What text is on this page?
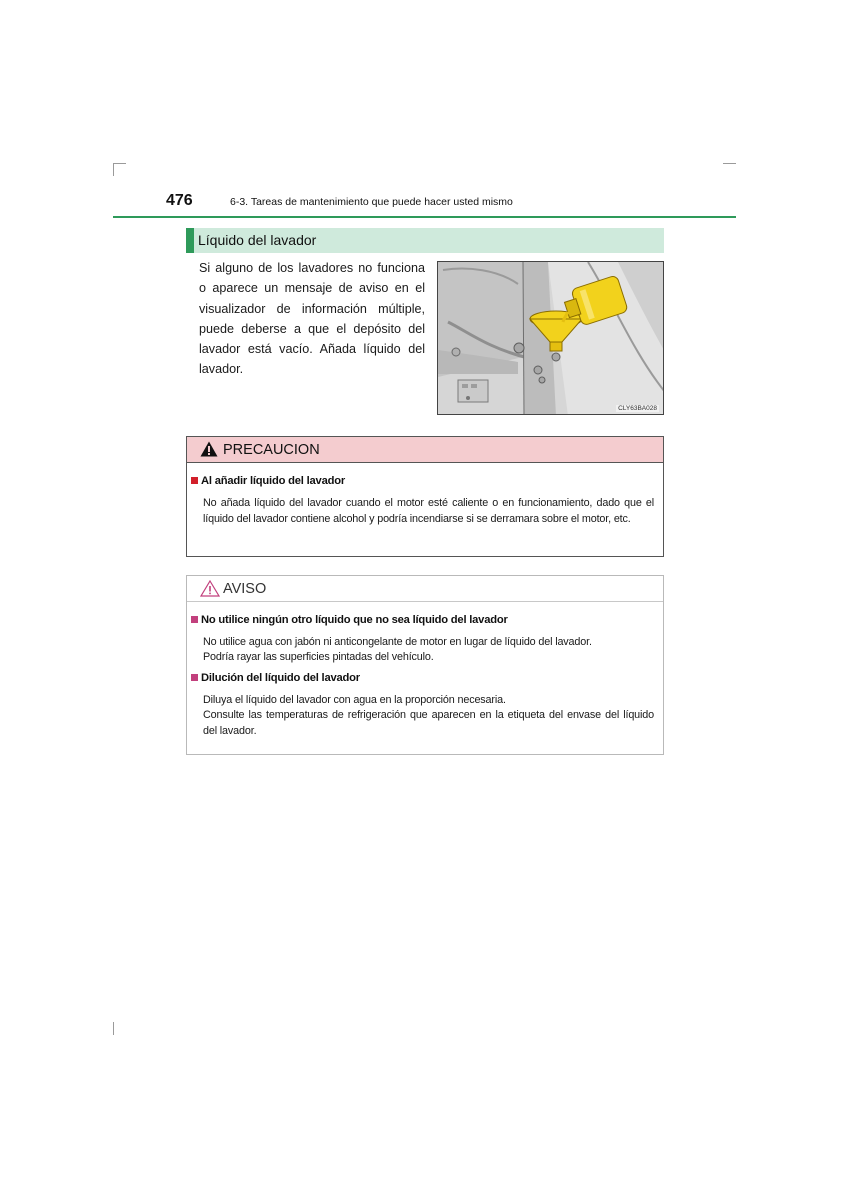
476	6-3. Tareas de mantenimiento que puede hacer usted mismo
Líquido del lavador

Si alguno de los lavadores no funciona o aparece un mensaje de aviso en el visualizador de información múltiple, puede deberse a que el depósito del lavador está vacío. Añada líquido del lavador.

CLY63BA028
PRECAUCION
Al añadir líquido del lavador

No añada líquido del lavador cuando el motor esté caliente o en funcionamiento, dado que el líquido del lavador contiene alcohol y podría incendiarse si se derramara sobre el motor, etc.

AVISO
No utilice ningún otro líquido que no sea líquido del lavador

No utilice agua con jabón ni anticongelante de motor en lugar de líquido del lavador.

Podría rayar las superficies pintadas del vehículo.

Dilución del líquido del lavador

Diluya el líquido del lavador con agua en la proporción necesaria.

Consulte las temperaturas de refrigeración que aparecen en la etiqueta del envase del líquido del lavador.
